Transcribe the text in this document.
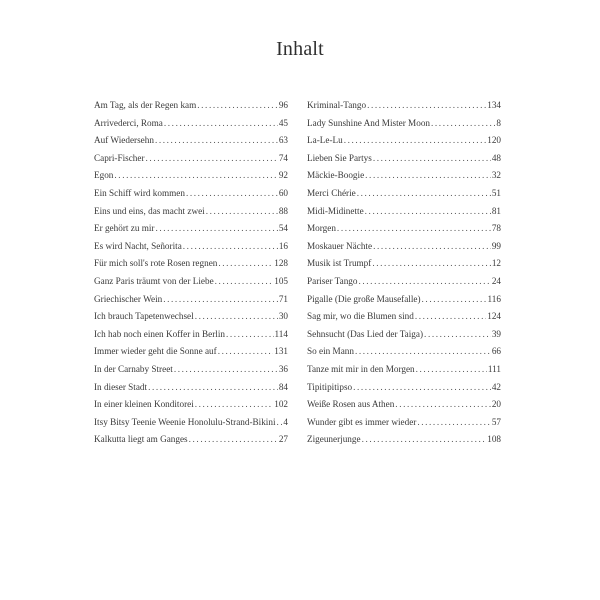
Inhalt
Am Tag, als der Regen kam .....	96
Arrivederci, Roma .....	45
Auf Wiedersehn .....	63
Capri-Fischer .....	74
Egon .....	92
Ein Schiff wird kommen .....	60
Eins und eins, das macht zwei .....	88
Er gehört zu mir .....	54
Es wird Nacht, Señorita .....	16
Für mich soll's rote Rosen regnen .....	128
Ganz Paris träumt von der Liebe .....	105
Griechischer Wein .....	71
Ich brauch Tapetenwechsel .....	30
Ich hab noch einen Koffer in Berlin .....	114
Immer wieder geht die Sonne auf .....	131
In der Carnaby Street .....	36
In dieser Stadt .....	84
In einer kleinen Konditorei .....	102
Itsy Bitsy Teenie Weenie Honolulu-Strand-Bikini ..... 4
Kalkutta liegt am Ganges .....	27
Kriminal-Tango .....	134
Lady Sunshine And Mister Moon .....	8
La-Le-Lu .....	120
Lieben Sie Partys .....	48
Mäckie-Boogie .....	32
Merci Chérie .....	51
Midi-Midinette .....	81
Morgen .....	78
Moskauer Nächte .....	99
Musik ist Trumpf .....	12
Pariser Tango .....	24
Pigalle (Die große Mausefalle) .....	116
Sag mir, wo die Blumen sind .....	124
Sehnsucht (Das Lied der Taiga) .....	39
So ein Mann .....	66
Tanze mit mir in den Morgen .....	111
Tipitipitipso .....	42
Weiße Rosen aus Athen .....	20
Wunder gibt es immer wieder .....	57
Zigeunerjunge .....	108
